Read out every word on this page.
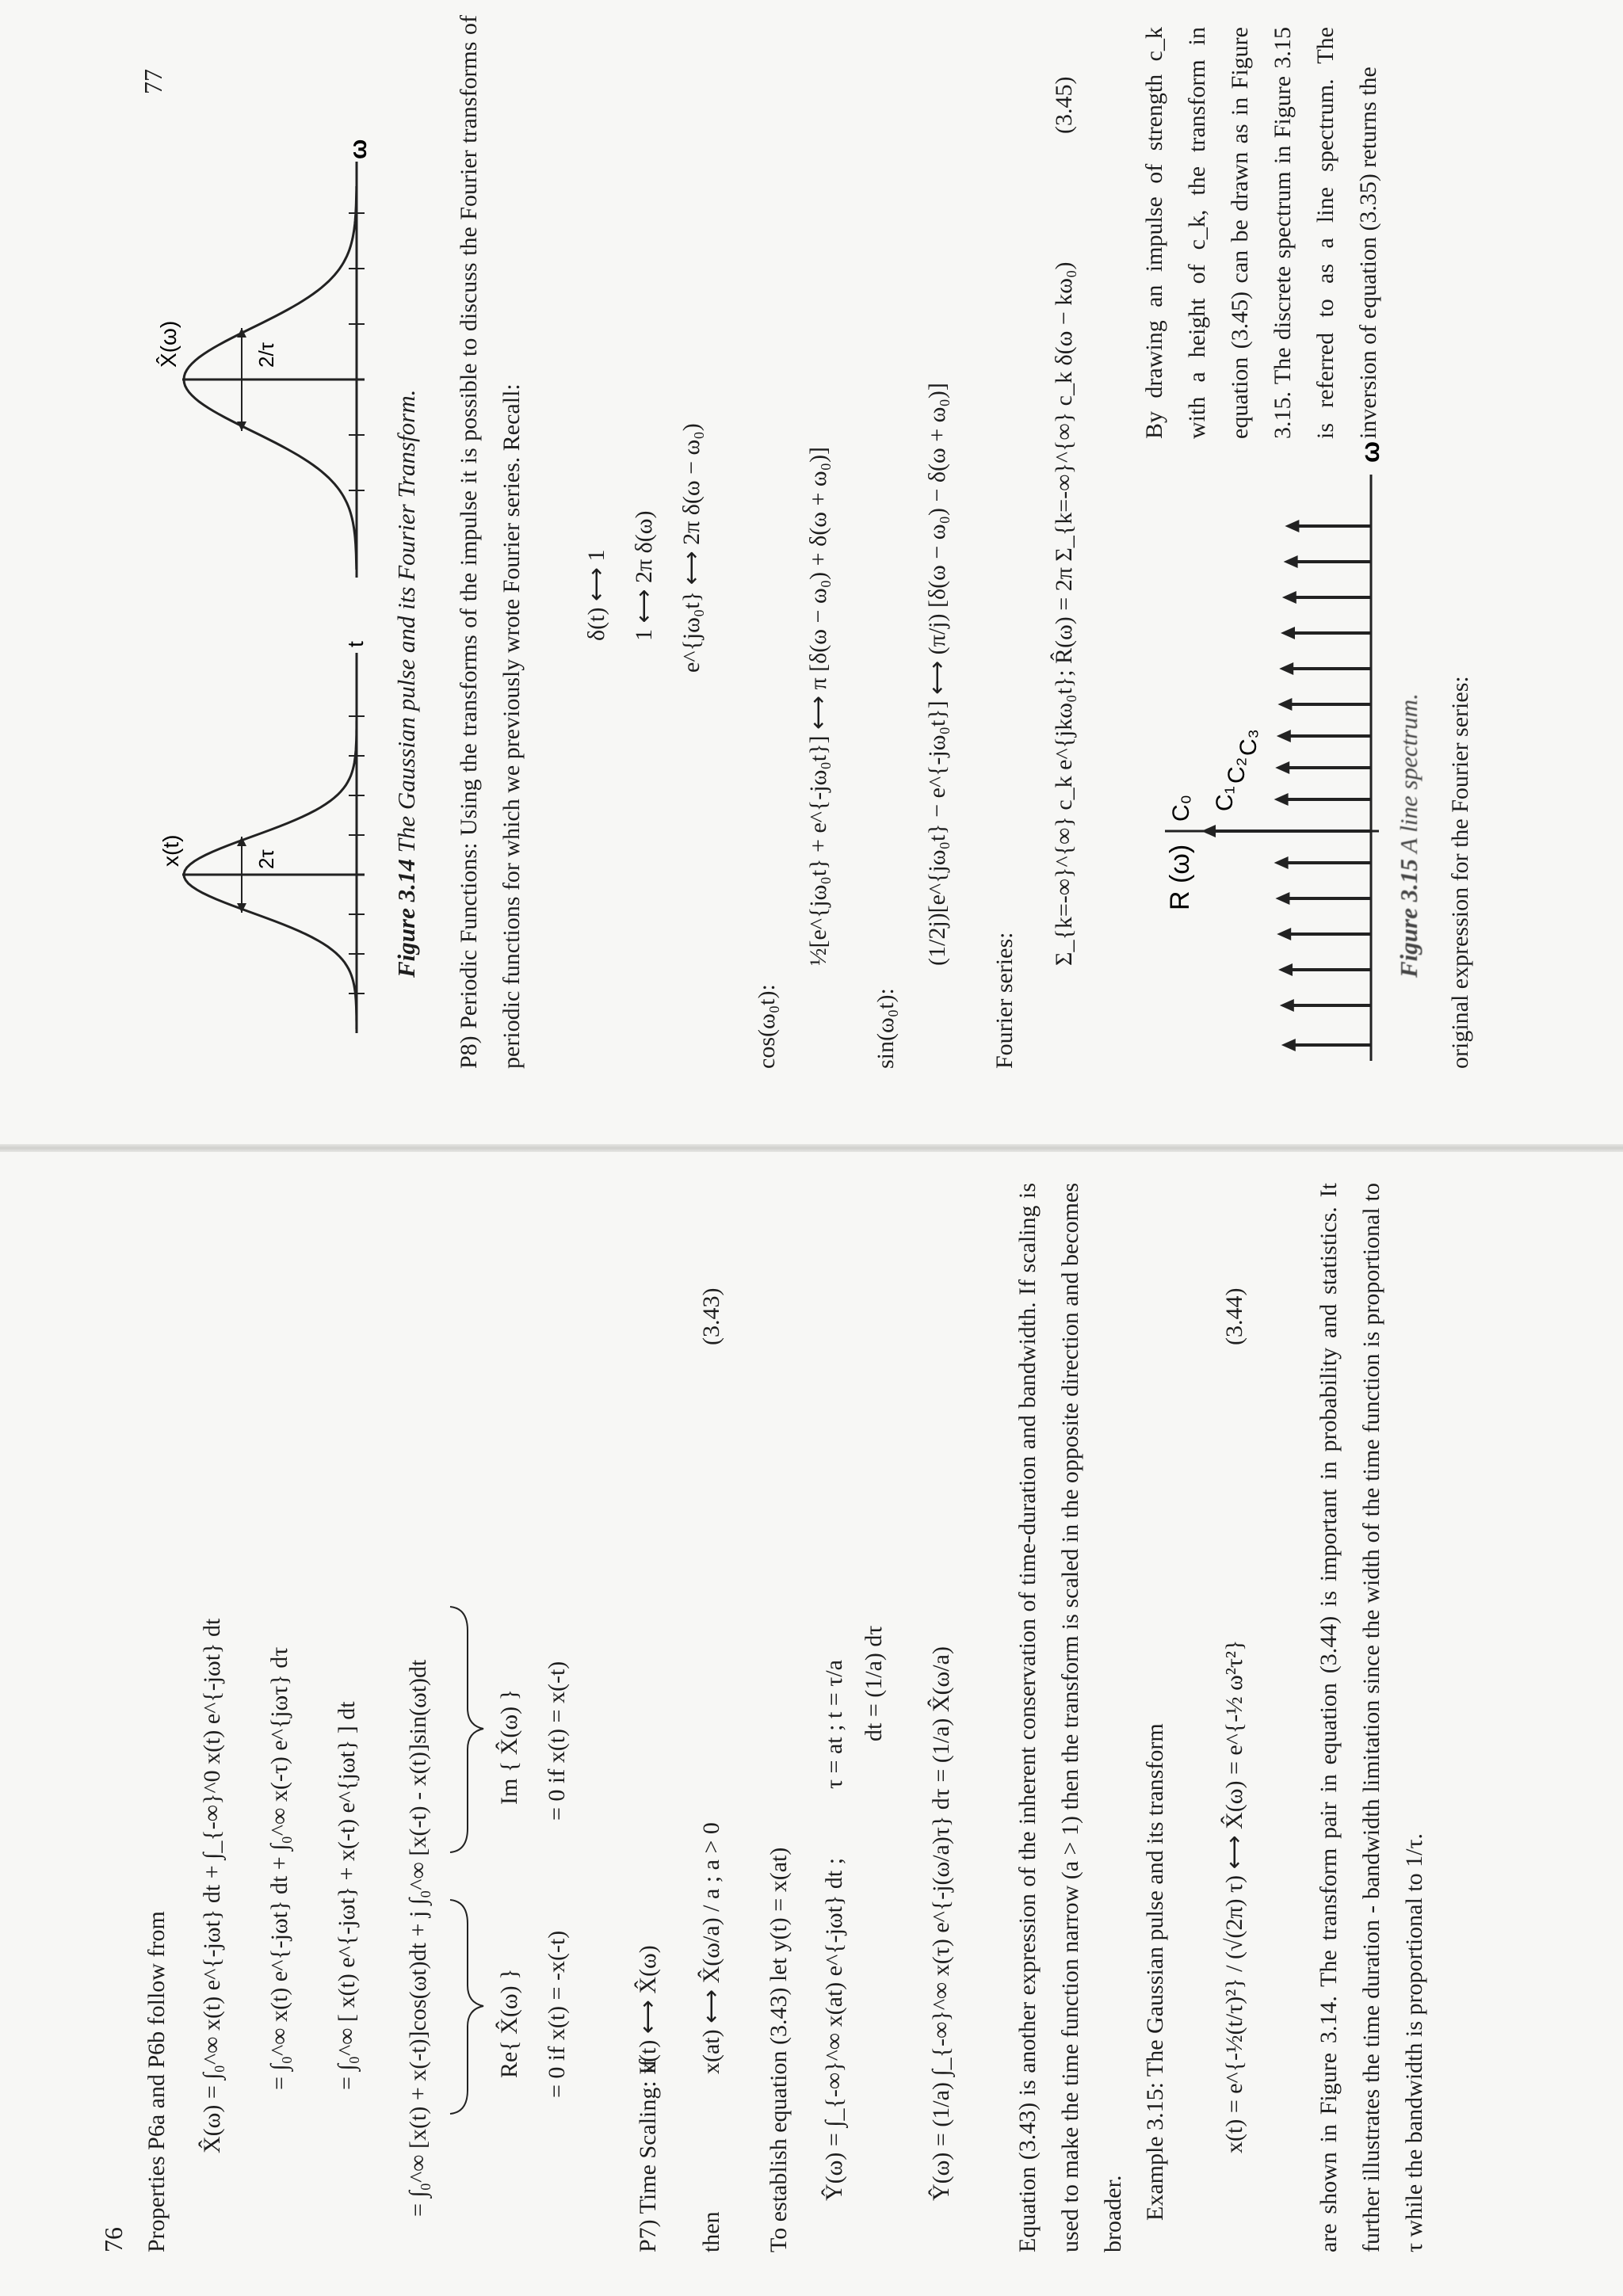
76 Properties P6a and P6b follow from X̂(ω) = ∫₀^∞ x(t) e^{-jωt} dt + ∫_{-∞}^0 x(t) e^{-jωt} dt = ∫₀^∞ x(t) e^{-jωt} dt + ∫₀^∞ x(-τ) e^{jωτ} dτ = ∫₀^∞ [ x(t) e^{-jωt} + x(-t) e^{jωt} ] dt = ∫₀^∞ [x(t) + x(-t)]cos(ωt)dt + j ∫₀^∞ [x(-t) - x(t)]sin(ωt)dt	Re{ X̂(ω) }
Im { X̂(ω) }
= 0 if x(t) = -x(-t)
= 0 if x(t) = x(-t)
P7) Time Scaling: If
x(t) ⟷ X̂(ω)
then
x(at) ⟷ X̂(ω/a) / a ; a > 0
(3.43)
To establish equation (3.43) let y(t) = x(at) Ŷ(ω) = ∫_{-∞}^∞ x(at) e^{-jωt} dt ;
τ = at ; t = τ/a dt = (1/a) dτ Ŷ(ω) = (1/a) ∫_{-∞}^∞ x(τ) e^{-j(ω/a)τ} dτ = (1/a) X̂(ω/a)	Equation (3.43) is another expression of the inherent conservation of time-duration and bandwidth. If scaling is used to make the time function narrow (a > 1) then the transform is scaled in the opposite direction and becomes broader. Example 3.15: The Gaussian pulse and its transform x(t) = e^{-½(t/τ)²} / (√(2π) τ) ⟷ X̂(ω) = e^{-½ ω²τ²}
(3.44)	are shown in Figure 3.14. The transform pair in equation (3.44) is important in probability and statistics. It further illustrates the time duration - bandwidth limitation since the width of the time function is proportional to τ while the bandwidth is proportional to 1/τ.
77
x(t)	2τ
t
X̂(ω)	2/τ
ω
Figure 3.14 The Gaussian pulse and its Fourier Transform.	P8) Periodic Functions: Using the transforms of the impulse it is possible to discuss the Fourier transforms of periodic functions for which we previously wrote Fourier series. Recall:	δ(t) ⟷ 1 1 ⟷ 2π δ(ω) e^{jω₀t} ⟷ 2π δ(ω − ω₀)
cos(ω₀t):
½[e^{jω₀t} + e^{-jω₀t}] ⟷ π [δ(ω − ω₀) + δ(ω + ω₀)]
sin(ω₀t):
(1/2j)[e^{jω₀t} − e^{-jω₀t}] ⟷ (π/j) [δ(ω − ω₀) − δ(ω + ω₀)]
Fourier series:
Σ_{k=-∞}^{∞} c_k e^{jkω₀t}; R̂(ω) = 2π Σ_{k=-∞}^{∞} c_k δ(ω − kω₀)
(3.45)
R (ω)
C₀ C₁
C₂
C₃
ω
Figure 3.15 A line spectrum.
By drawing an impulse of strength c_k with a height of c_k, the transform in equation (3.45) can be drawn as in Figure 3.15. The discrete spectrum in Figure 3.15 is referred to as a line spectrum. The inversion of equation (3.35) returns the
original expression for the Fourier series:
